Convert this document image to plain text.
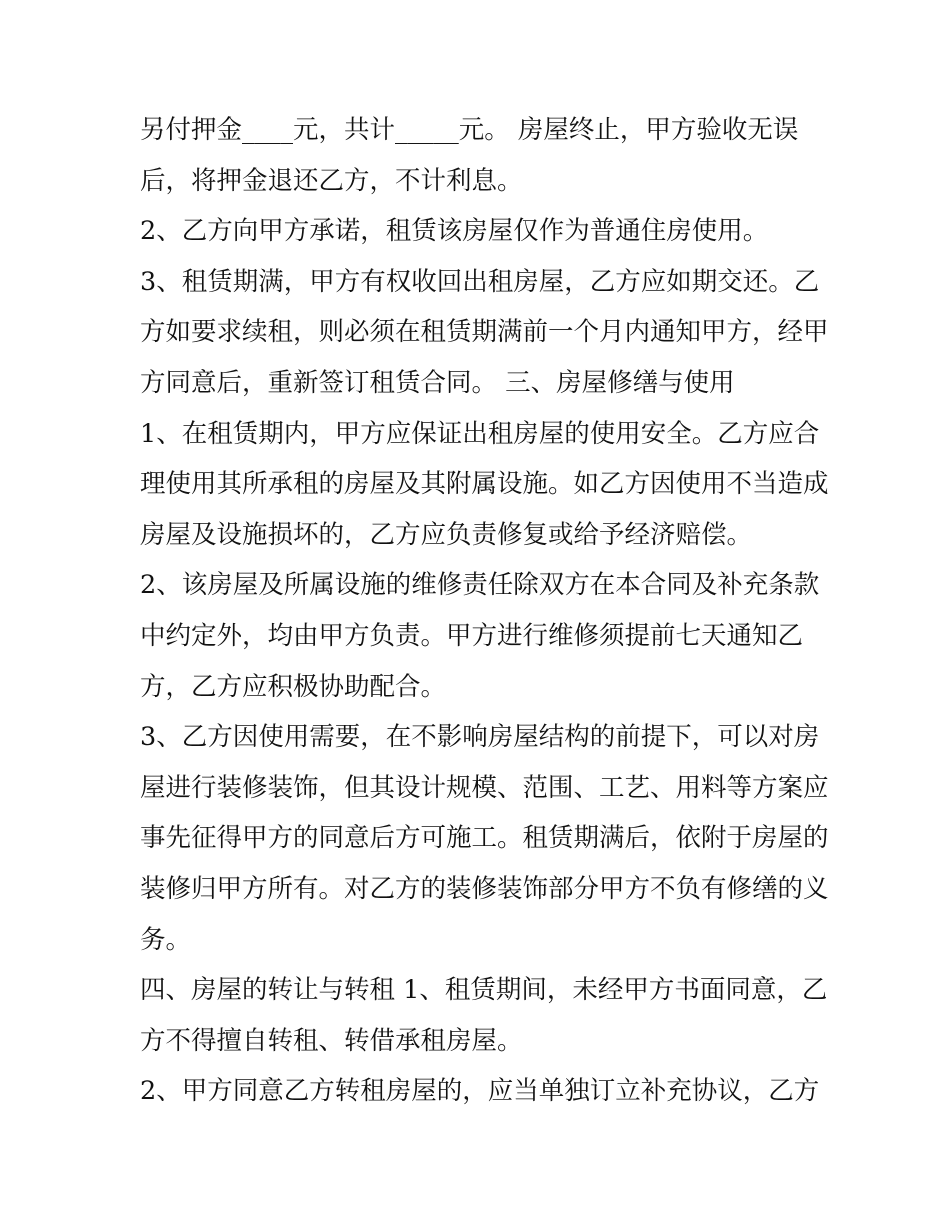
另付押金____元，共计_____元。 房屋终止，甲方验收无误
后，将押金退还乙方，不计利息。
2、乙方向甲方承诺，租赁该房屋仅作为普通住房使用。
3、租赁期满，甲方有权收回出租房屋，乙方应如期交还。乙
方如要求续租，则必须在租赁期满前一个月内通知甲方，经甲
方同意后，重新签订租赁合同。 三、房屋修缮与使用
1、在租赁期内，甲方应保证出租房屋的使用安全。乙方应合
理使用其所承租的房屋及其附属设施。如乙方因使用不当造成
房屋及设施损坏的，乙方应负责修复或给予经济赔偿。
2、该房屋及所属设施的维修责任除双方在本合同及补充条款
中约定外，均由甲方负责。甲方进行维修须提前七天通知乙
方，乙方应积极协助配合。
3、乙方因使用需要，在不影响房屋结构的前提下，可以对房
屋进行装修装饰，但其设计规模、范围、工艺、用料等方案应
事先征得甲方的同意后方可施工。租赁期满后，依附于房屋的
装修归甲方所有。对乙方的装修装饰部分甲方不负有修缮的义
务。
四、房屋的转让与转租 1、租赁期间，未经甲方书面同意，乙
方不得擅自转租、转借承租房屋。
2、甲方同意乙方转租房屋的，应当单独订立补充协议，乙方
